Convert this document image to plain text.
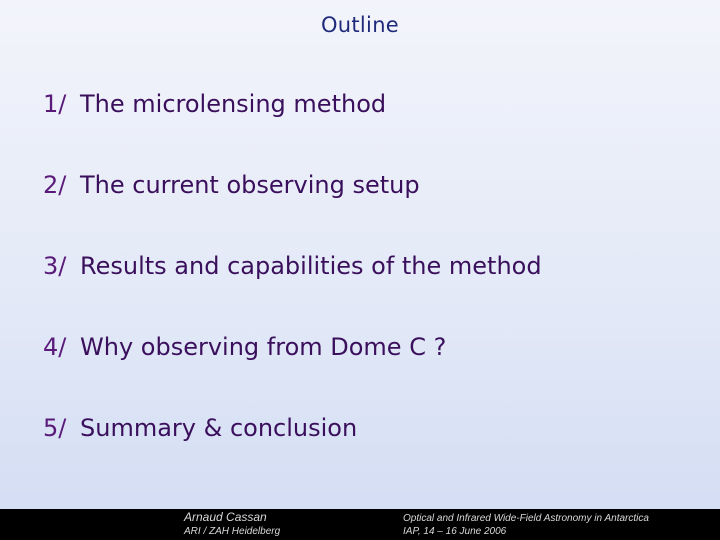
Outline
1/ The microlensing method
2/ The current observing setup
3/ Results and capabilities of the method
4/ Why observing from Dome C ?
5/ Summary & conclusion
Arnaud Cassan
ARI / ZAH Heidelberg
Optical and Infrared Wide-Field Astronomy in Antarctica
IAP, 14 – 16 June 2006
